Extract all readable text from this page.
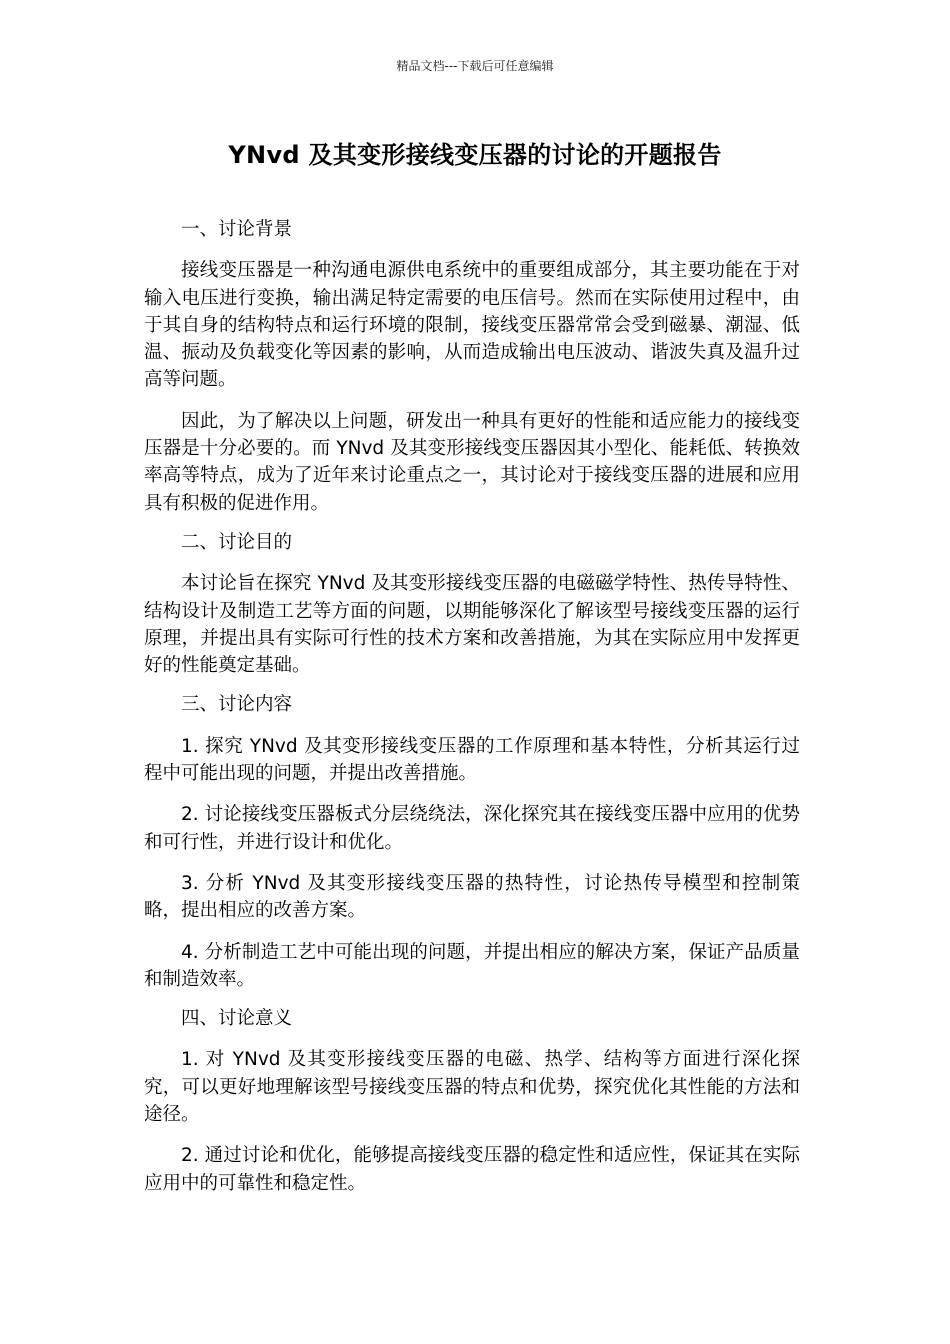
精品文档---下载后可任意编辑
YNvd 及其变形接线变压器的讨论的开题报告

一、讨论背景

接线变压器是一种沟通电源供电系统中的重要组成部分，其主要功能在于对输入电压进行变换，输出满足特定需要的电压信号。然而在实际使用过程中，由于其自身的结构特点和运行环境的限制，接线变压器常常会受到磁暴、潮湿、低温、振动及负载变化等因素的影响，从而造成输出电压波动、谐波失真及温升过高等问题。

因此，为了解决以上问题，研发出一种具有更好的性能和适应能力的接线变压器是十分必要的。而 YNvd 及其变形接线变压器因其小型化、能耗低、转换效率高等特点，成为了近年来讨论重点之一，其讨论对于接线变压器的进展和应用具有积极的促进作用。

二、讨论目的

本讨论旨在探究 YNvd 及其变形接线变压器的电磁磁学特性、热传导特性、结构设计及制造工艺等方面的问题，以期能够深化了解该型号接线变压器的运行原理，并提出具有实际可行性的技术方案和改善措施，为其在实际应用中发挥更好的性能奠定基础。

三、讨论内容

1. 探究 YNvd 及其变形接线变压器的工作原理和基本特性，分析其运行过程中可能出现的问题，并提出改善措施。

2. 讨论接线变压器板式分层绕绕法，深化探究其在接线变压器中应用的优势和可行性，并进行设计和优化。

3. 分析 YNvd 及其变形接线变压器的热特性，讨论热传导模型和控制策略，提出相应的改善方案。

4. 分析制造工艺中可能出现的问题，并提出相应的解决方案，保证产品质量和制造效率。

四、讨论意义

1. 对 YNvd 及其变形接线变压器的电磁、热学、结构等方面进行深化探究，可以更好地理解该型号接线变压器的特点和优势，探究优化其性能的方法和途径。

2. 通过讨论和优化，能够提高接线变压器的稳定性和适应性，保证其在实际应用中的可靠性和稳定性。
